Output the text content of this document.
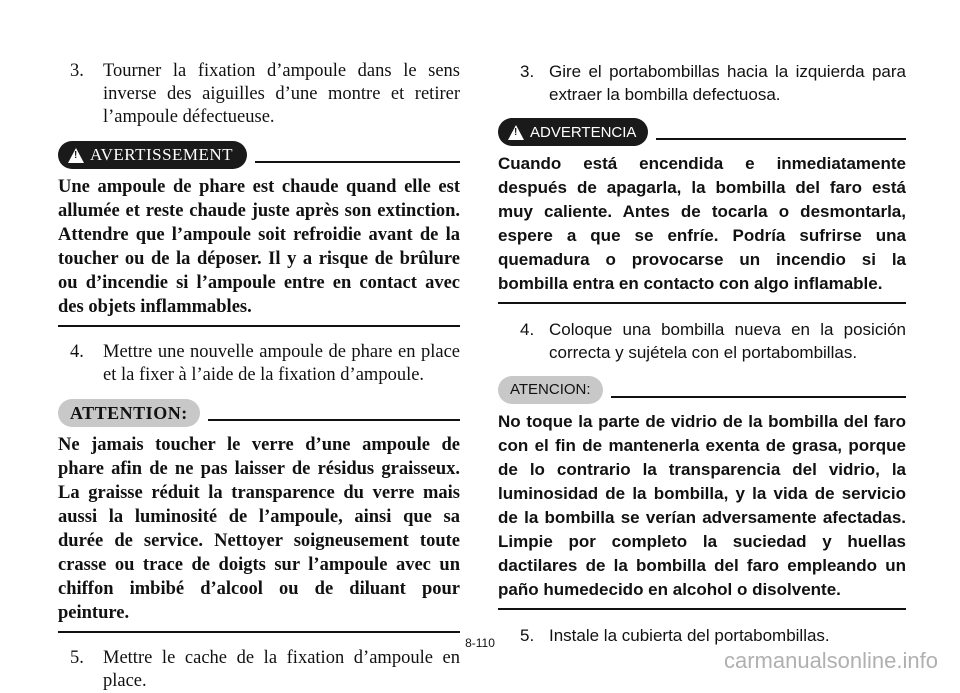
3. Tourner la fixation d’ampoule dans le sens inverse des aiguilles d’une montre et retirer l’ampoule défectueuse.
! AVERTISSEMENT
Une ampoule de phare est chaude quand elle est allumée et reste chaude juste après son extinction. Attendre que l’ampoule soit refroidie avant de la toucher ou de la déposer. Il y a risque de brûlure ou d’incendie si l’ampoule entre en contact avec des objets inflammables.
4. Mettre une nouvelle ampoule de phare en place et la fixer à l’aide de la fixation d’ampoule.
ATTENTION:
Ne jamais toucher le verre d’une ampoule de phare afin de ne pas laisser de résidus graisseux. La graisse réduit la transparence du verre mais aussi la luminosité de l’ampoule, ainsi que sa durée de service. Nettoyer soigneusement toute crasse ou trace de doigts sur l’ampoule avec un chiffon imbibé d’alcool ou de diluant pour peinture.
5. Mettre le cache de la fixation d’ampoule en place.
3. Gire el portabombillas hacia la izquierda para extraer la bombilla defectuosa.
! ADVERTENCIA
Cuando está encendida e inmediatamente después de apagarla, la bombilla del faro está muy caliente. Antes de tocarla o desmontarla, espere a que se enfríe. Podría sufrirse una quemadura o provocarse un incendio si la bombilla entra en contacto con algo inflamable.
4. Coloque una bombilla nueva en la posición correcta y sujétela con el portabombillas.
ATENCION:
No toque la parte de vidrio de la bombilla del faro con el fin de mantenerla exenta de grasa, porque de lo contrario la transparencia del vidrio, la luminosidad de la bombilla, y la vida de servicio de la bombilla se verían adversamente afectadas. Limpie por completo la suciedad y huellas dactilares de la bombilla del faro empleando un paño humedecido en alcohol o disolvente.
5. Instale la cubierta del portabombillas.
8-110
carmanualsonline.info
